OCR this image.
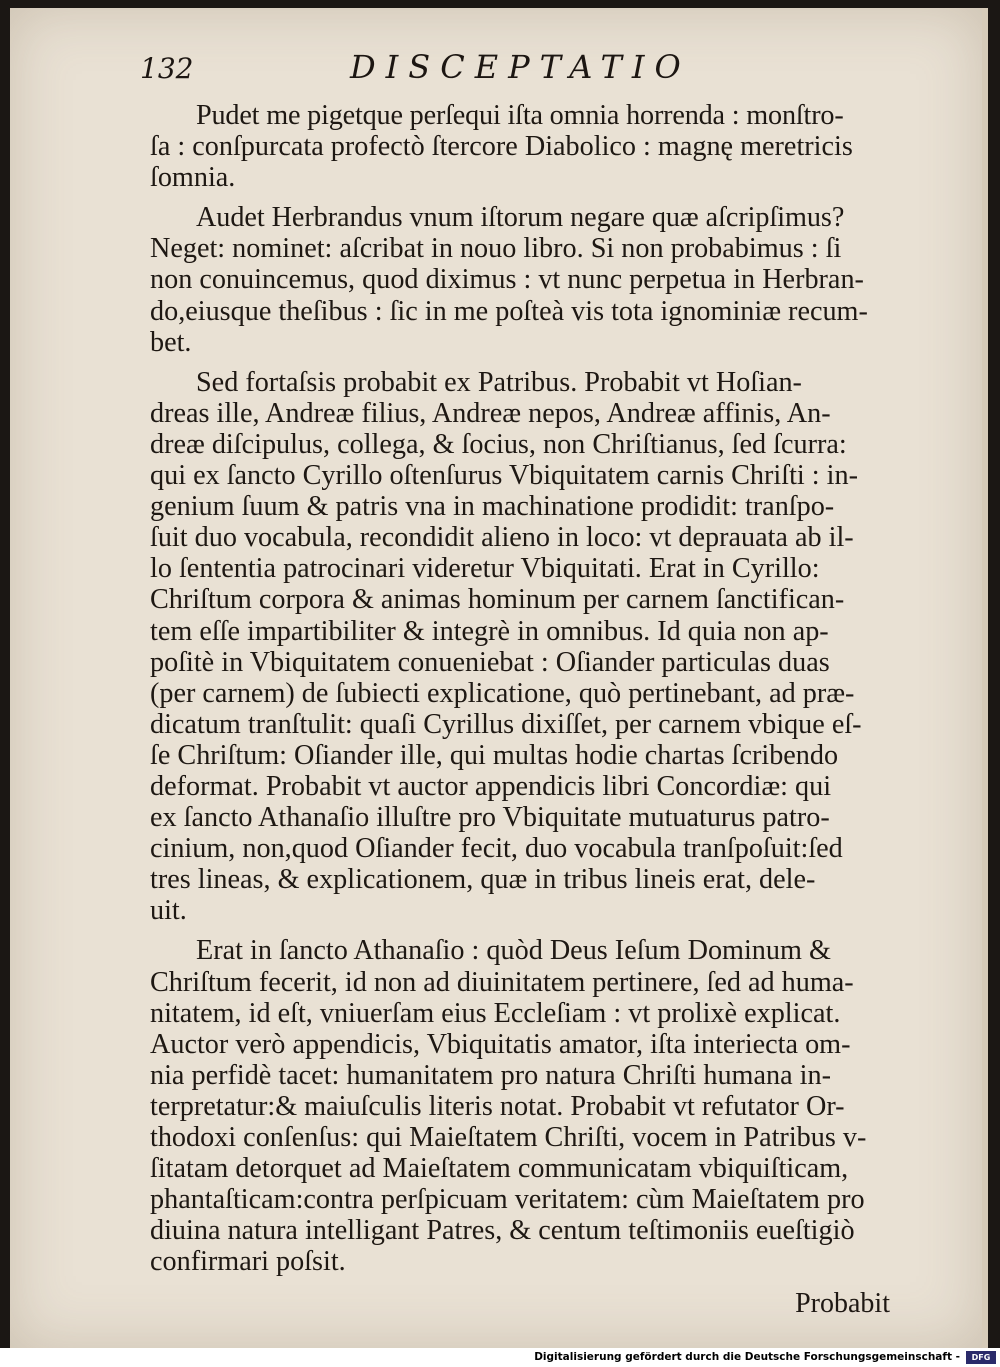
132	DISCEPTATIO

Pudet me pigetque perſequi iſta omnia horrenda : monſtro-
ſa : conſpurcata profectò ſtercore Diabolico : magnę meretricis
ſomnia.

Audet Herbrandus vnum iſtorum negare quæ aſcripſimus?
Neget: nominet: aſcribat in nouo libro. Si non probabimus : ſi
non conuincemus, quod diximus : vt nunc perpetua in Herbran-
do,eiusque theſibus : ſic in me poſteà vis tota ignominiæ recum-
bet.

Sed fortaſsis probabit ex Patribus. Probabit vt Hoſian-
dreas ille, Andreæ filius, Andreæ nepos, Andreæ affinis, An-
dreæ diſcipulus, collega, & ſocius, non Chriſtianus, ſed ſcurra:
qui ex ſancto Cyrillo oſtenſurus Vbiquitatem carnis Chriſti : in-
genium ſuum & patris vna in machinatione prodidit: tranſpo-
ſuit duo vocabula, recondidit alieno in loco: vt deprauata ab il-
lo ſententia patrocinari videretur Vbiquitati. Erat in Cyrillo:
Chriſtum corpora & animas hominum per carnem ſanctifican-
tem eſſe impartibiliter & integrè in omnibus. Id quia non ap-
poſitè in Vbiquitatem conueniebat : Oſiander particulas duas
(per carnem) de ſubiecti explicatione, quò pertinebant, ad præ-
dicatum tranſtulit: quaſi Cyrillus dixiſſet, per carnem vbique eſ-
ſe Chriſtum: Oſiander ille, qui multas hodie chartas ſcribendo
deformat. Probabit vt auctor appendicis libri Concordiæ: qui
ex ſancto Athanaſio illuſtre pro Vbiquitate mutuaturus patro-
cinium, non,quod Oſiander fecit, duo vocabula tranſpoſuit:ſed
tres lineas, & explicationem, quæ in tribus lineis erat, dele-
uit.

Erat in ſancto Athanaſio : quòd Deus Ieſum Dominum &
Chriſtum fecerit, id non ad diuinitatem pertinere, ſed ad huma-
nitatem, id eſt, vniuerſam eius Eccleſiam : vt prolixè explicat.
Auctor verò appendicis, Vbiquitatis amator, iſta interiecta om-
nia perfidè tacet: humanitatem pro natura Chriſti humana in-
terpretatur:& maiuſculis literis notat. Probabit vt refutator Or-
thodoxi conſenſus: qui Maieſtatem Chriſti, vocem in Patribus v-
ſitatam detorquet ad Maieſtatem communicatam vbiquiſticam,
phantaſticam:contra perſpicuam veritatem: cùm Maieſtatem pro
diuina natura intelligant Patres, & centum teſtimoniis eueſtigiò
confirmari poſsit.

Probabit
Digitalisierung gefördert durch die Deutsche Forschungsgemeinschaft -	DFG
